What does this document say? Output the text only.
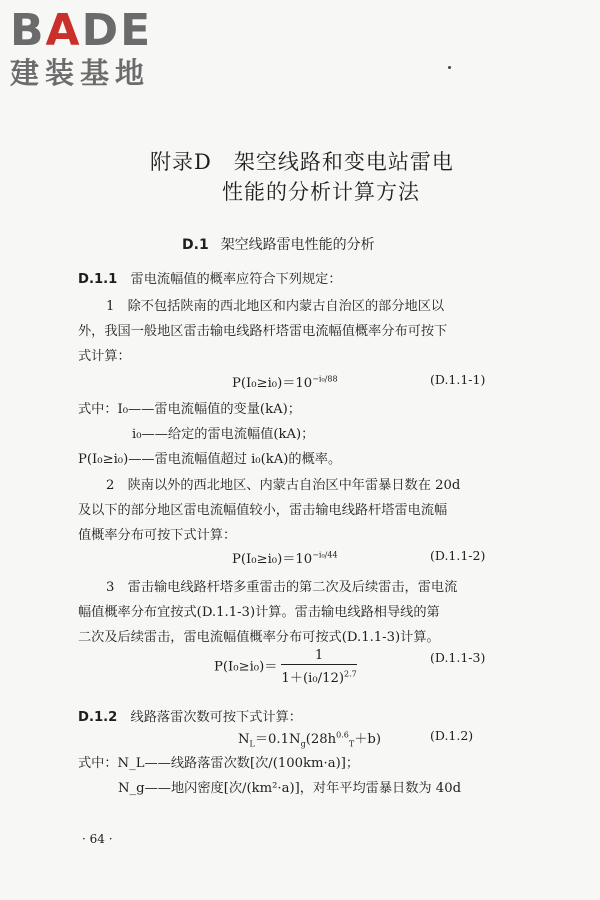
BADE
建装基地
附录D　架空线路和变电站雷电
性能的分析计算方法
D.1 架空线路雷电性能的分析
D.1.1　 雷电流幅值的概率应符合下列规定：
1　除不包括陕南的西北地区和内蒙古自治区的部分地区以
外，我国一般地区雷击输电线路杆塔雷电流幅值概率分布可按下
式计算：
$P(I_0\ge i_0)=10^{-i_0/88}$	(D.1.1-1)
式中：I₀——雷电流幅值的变量(kA)；
i₀——给定的雷电流幅值(kA)；
P(I₀≥i₀)——雷电流幅值超过 i₀(kA)的概率。
2　陕南以外的西北地区、内蒙古自治区中年雷暴日数在 20d
及以下的部分地区雷电流幅值较小，雷击输电线路杆塔雷电流幅
值概率分布可按下式计算：
$P(I_0\ge i_0)=10^{-i_0/44}$	(D.1.1-2)
3　雷击输电线路杆塔多重雷击的第二次及后续雷击，雷电流
幅值概率分布宜按式(D.1.1-3)计算。雷击输电线路相导线的第
二次及后续雷击，雷电流幅值概率分布可按式(D.1.1-3)计算。
$P(I_0\ge i_0)= \frac{1}{1+(i_0/12)^{2.7}}$	(D.1.1-3)
D.1.2　 线路落雷次数可按下式计算：
$N_L=0.1N_g(28h^{0.6}_T+b)$	(D.1.2)
式中：N_L——线路落雷次数[次/(100km·a)]；
N_g——地闪密度[次/(km²·a)]，对年平均雷暴日数为 40d
· 64 ·
